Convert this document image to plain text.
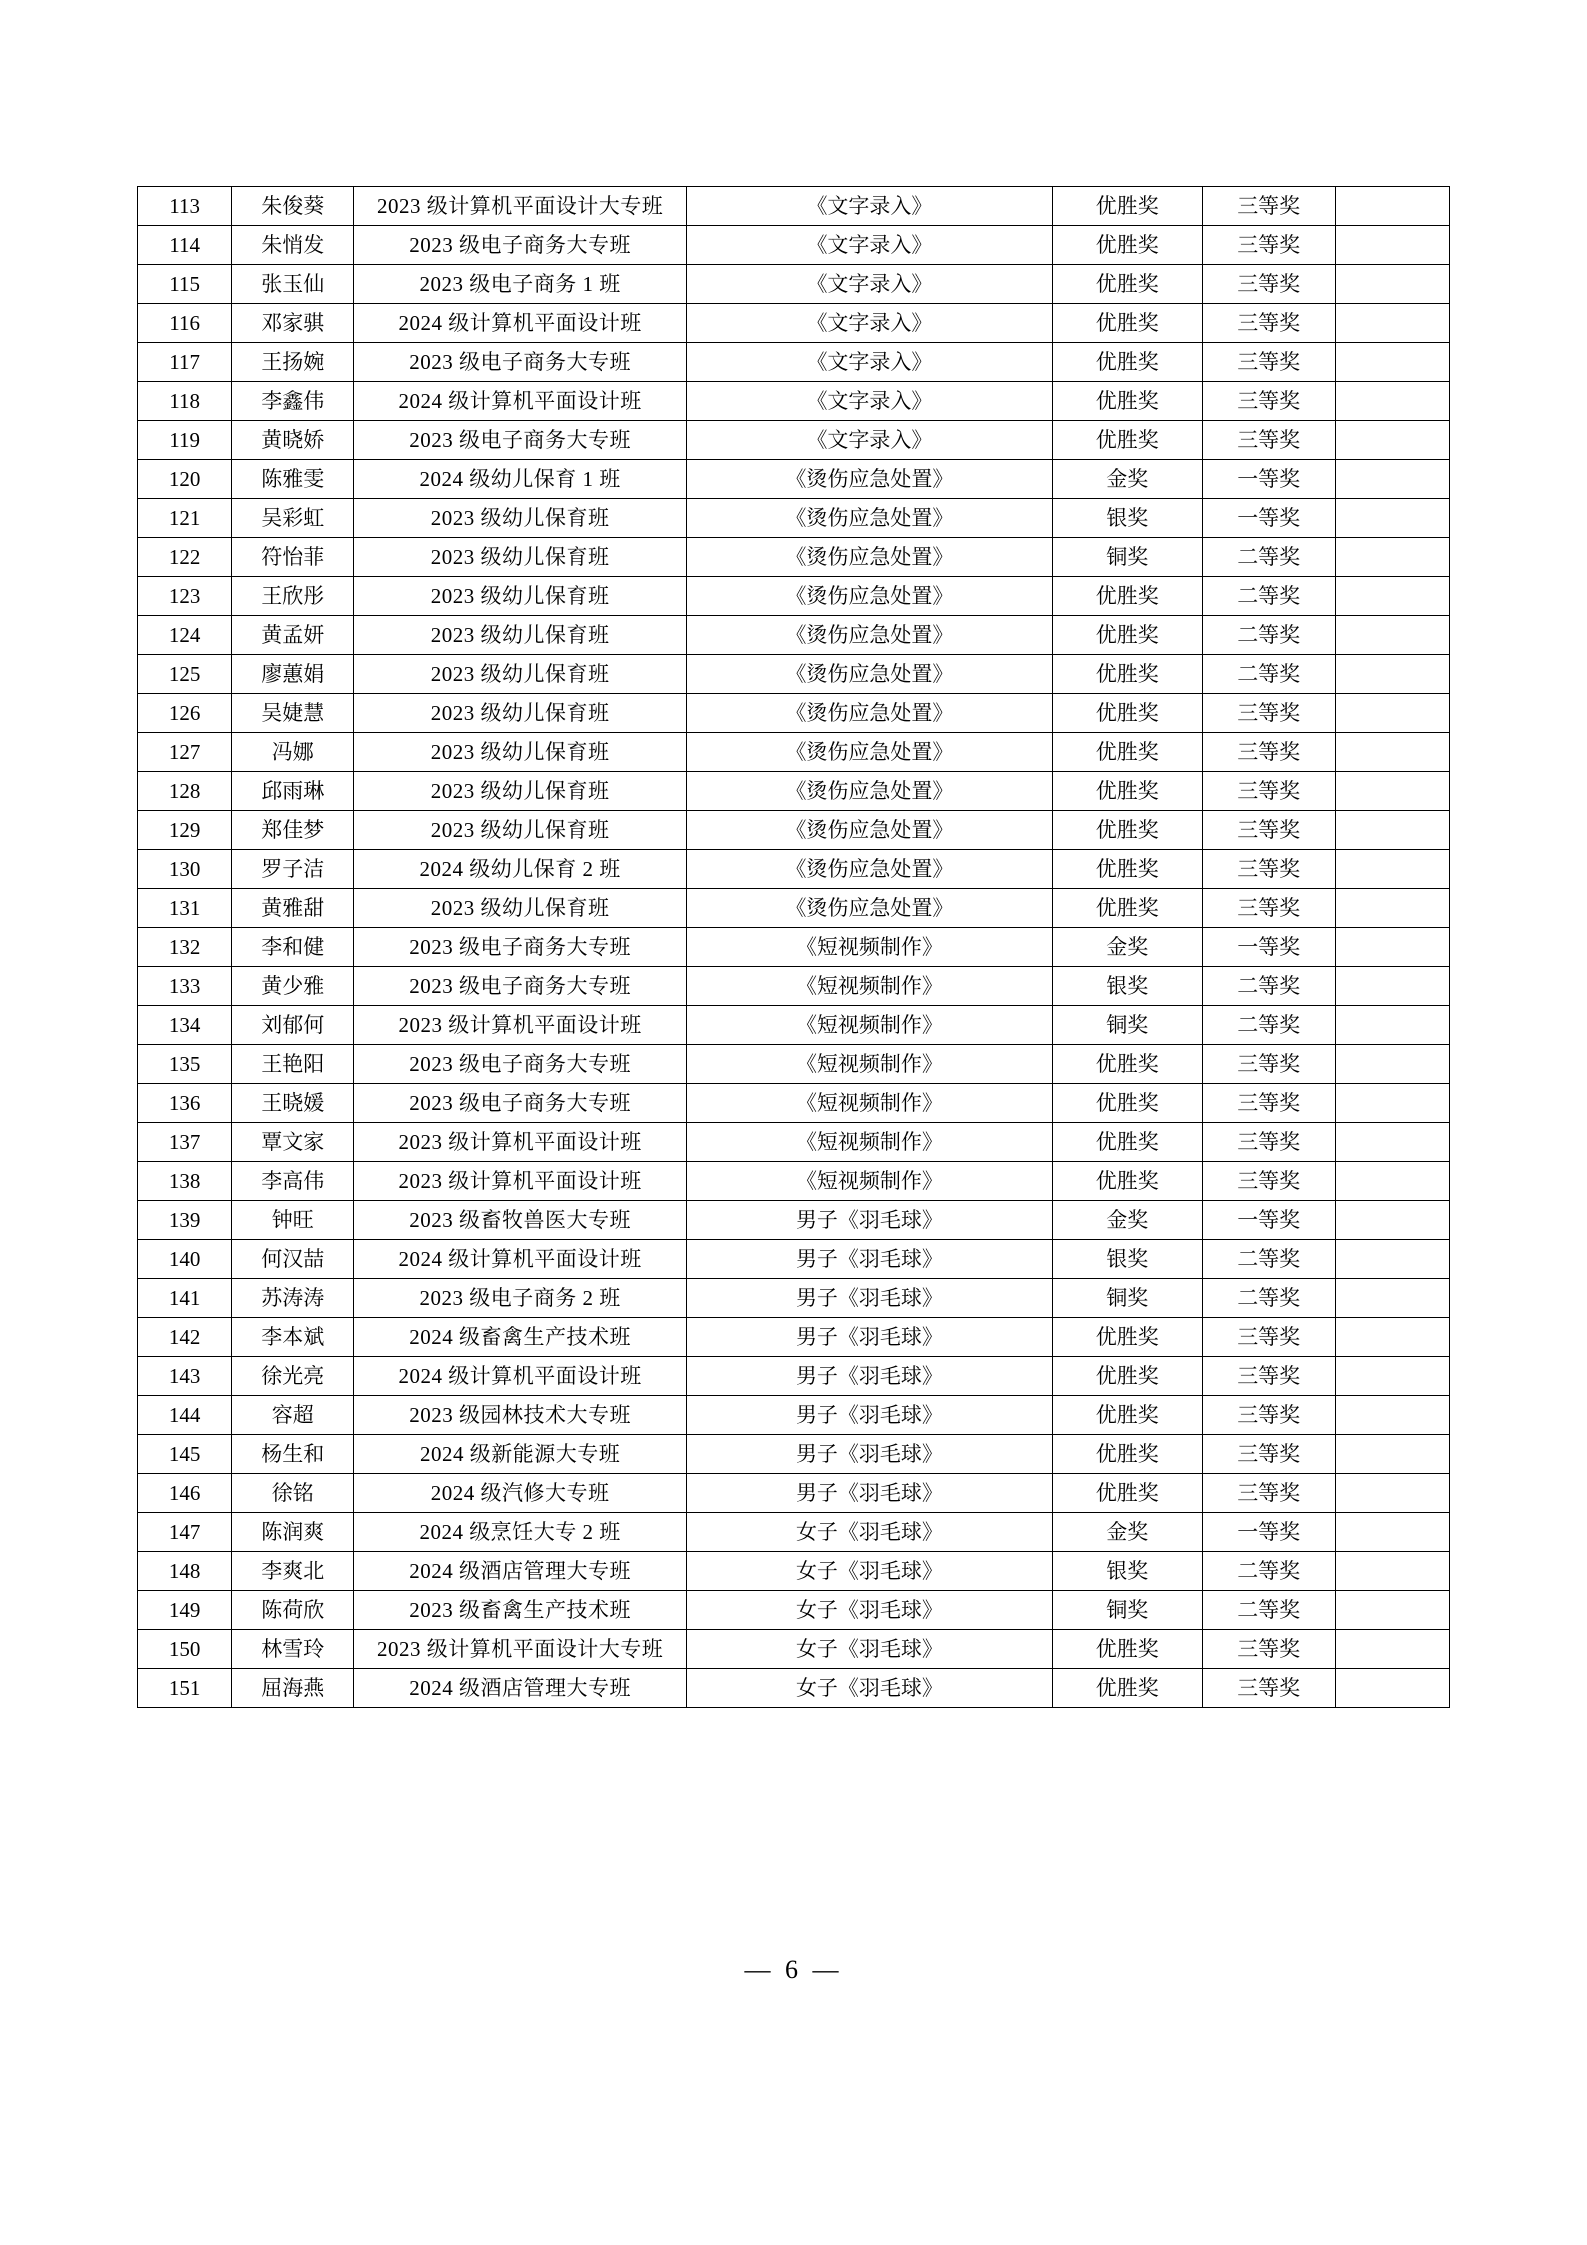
113	朱俊葵	2023 级计算机平面设计大专班	《文字录入》	优胜奖	三等奖	
114	朱悄发	2023 级电子商务大专班	《文字录入》	优胜奖	三等奖	
115	张玉仙	2023 级电子商务 1 班	《文字录入》	优胜奖	三等奖	
116	邓家骐	2024 级计算机平面设计班	《文字录入》	优胜奖	三等奖	
117	王扬婉	2023 级电子商务大专班	《文字录入》	优胜奖	三等奖	
118	李鑫伟	2024 级计算机平面设计班	《文字录入》	优胜奖	三等奖	
119	黄晓娇	2023 级电子商务大专班	《文字录入》	优胜奖	三等奖	
120	陈雅雯	2024 级幼儿保育 1 班	《烫伤应急处置》	金奖	一等奖	
121	吴彩虹	2023 级幼儿保育班	《烫伤应急处置》	银奖	一等奖	
122	符怡菲	2023 级幼儿保育班	《烫伤应急处置》	铜奖	二等奖	
123	王欣彤	2023 级幼儿保育班	《烫伤应急处置》	优胜奖	二等奖	
124	黄孟妍	2023 级幼儿保育班	《烫伤应急处置》	优胜奖	二等奖	
125	廖蕙娟	2023 级幼儿保育班	《烫伤应急处置》	优胜奖	二等奖	
126	吴婕慧	2023 级幼儿保育班	《烫伤应急处置》	优胜奖	三等奖	
127	冯娜	2023 级幼儿保育班	《烫伤应急处置》	优胜奖	三等奖	
128	邱雨琳	2023 级幼儿保育班	《烫伤应急处置》	优胜奖	三等奖	
129	郑佳梦	2023 级幼儿保育班	《烫伤应急处置》	优胜奖	三等奖	
130	罗子洁	2024 级幼儿保育 2 班	《烫伤应急处置》	优胜奖	三等奖	
131	黄雅甜	2023 级幼儿保育班	《烫伤应急处置》	优胜奖	三等奖	
132	李和健	2023 级电子商务大专班	《短视频制作》	金奖	一等奖	
133	黄少雅	2023 级电子商务大专班	《短视频制作》	银奖	二等奖	
134	刘郁何	2023 级计算机平面设计班	《短视频制作》	铜奖	二等奖	
135	王艳阳	2023 级电子商务大专班	《短视频制作》	优胜奖	三等奖	
136	王晓媛	2023 级电子商务大专班	《短视频制作》	优胜奖	三等奖	
137	覃文家	2023 级计算机平面设计班	《短视频制作》	优胜奖	三等奖	
138	李高伟	2023 级计算机平面设计班	《短视频制作》	优胜奖	三等奖	
139	钟旺	2023 级畜牧兽医大专班	男子《羽毛球》	金奖	一等奖	
140	何汉喆	2024 级计算机平面设计班	男子《羽毛球》	银奖	二等奖	
141	苏涛涛	2023 级电子商务 2 班	男子《羽毛球》	铜奖	二等奖	
142	李本斌	2024 级畜禽生产技术班	男子《羽毛球》	优胜奖	三等奖	
143	徐光亮	2024 级计算机平面设计班	男子《羽毛球》	优胜奖	三等奖	
144	容超	2023 级园林技术大专班	男子《羽毛球》	优胜奖	三等奖	
145	杨生和	2024 级新能源大专班	男子《羽毛球》	优胜奖	三等奖	
146	徐铭	2024 级汽修大专班	男子《羽毛球》	优胜奖	三等奖	
147	陈润爽	2024 级烹饪大专 2 班	女子《羽毛球》	金奖	一等奖	
148	李爽北	2024 级酒店管理大专班	女子《羽毛球》	银奖	二等奖	
149	陈荷欣	2023 级畜禽生产技术班	女子《羽毛球》	铜奖	二等奖	
150	林雪玲	2023 级计算机平面设计大专班	女子《羽毛球》	优胜奖	三等奖	
151	屈海燕	2024 级酒店管理大专班	女子《羽毛球》	优胜奖	三等奖	
— 6 —
